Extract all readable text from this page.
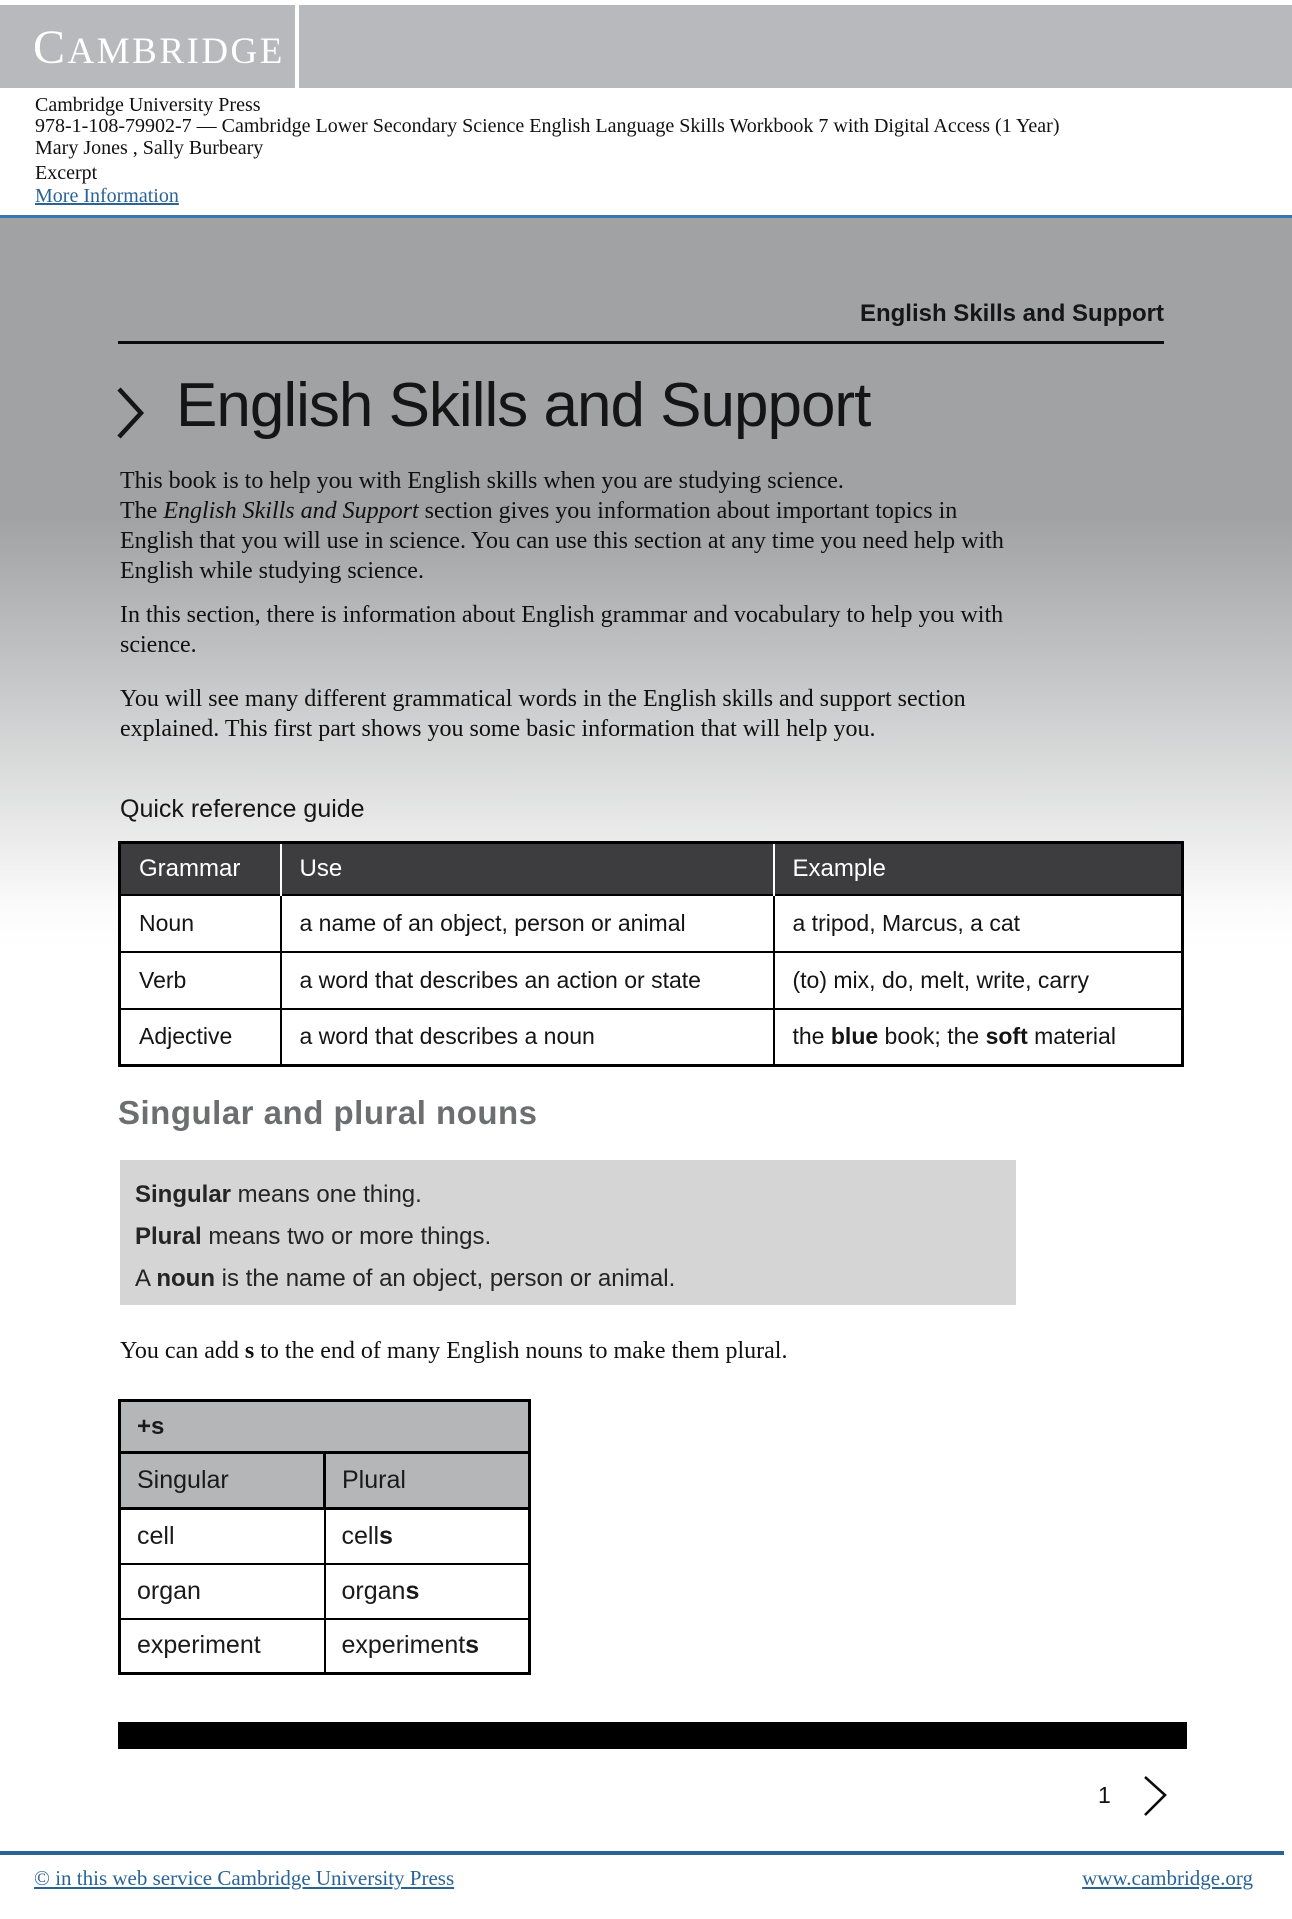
CAMBRIDGE
Cambridge University Press
978-1-108-79902-7 — Cambridge Lower Secondary Science English Language Skills Workbook 7 with Digital Access (1 Year)
Mary Jones , Sally Burbeary
Excerpt
More Information
English Skills and Support
English Skills and Support

This book is to help you with English skills when you are studying science.
The English Skills and Support section gives you information about important topics in English that you will use in science. You can use this section at any time you need help with English while studying science.

In this section, there is information about English grammar and vocabulary to help you with science.

You will see many different grammatical words in the English skills and support section explained. This first part shows you some basic information that will help you.

Quick reference guide
Grammar	Use	Example
Noun	a name of an object, person or animal	a tripod, Marcus, a cat
Verb	a word that describes an action or state	(to) mix, do, melt, write, carry
Adjective	a word that describes a noun	the blue book; the soft material
Singular and plural nouns
Singular means one thing.
Plural means two or more things.
A noun is the name of an object, person or animal.

You can add s to the end of many English nouns to make them plural.

+s	
Singular	Plural
cell	cells
organ	organs
experiment	experiments
1
© in this web service Cambridge University Press	www.cambridge.org
